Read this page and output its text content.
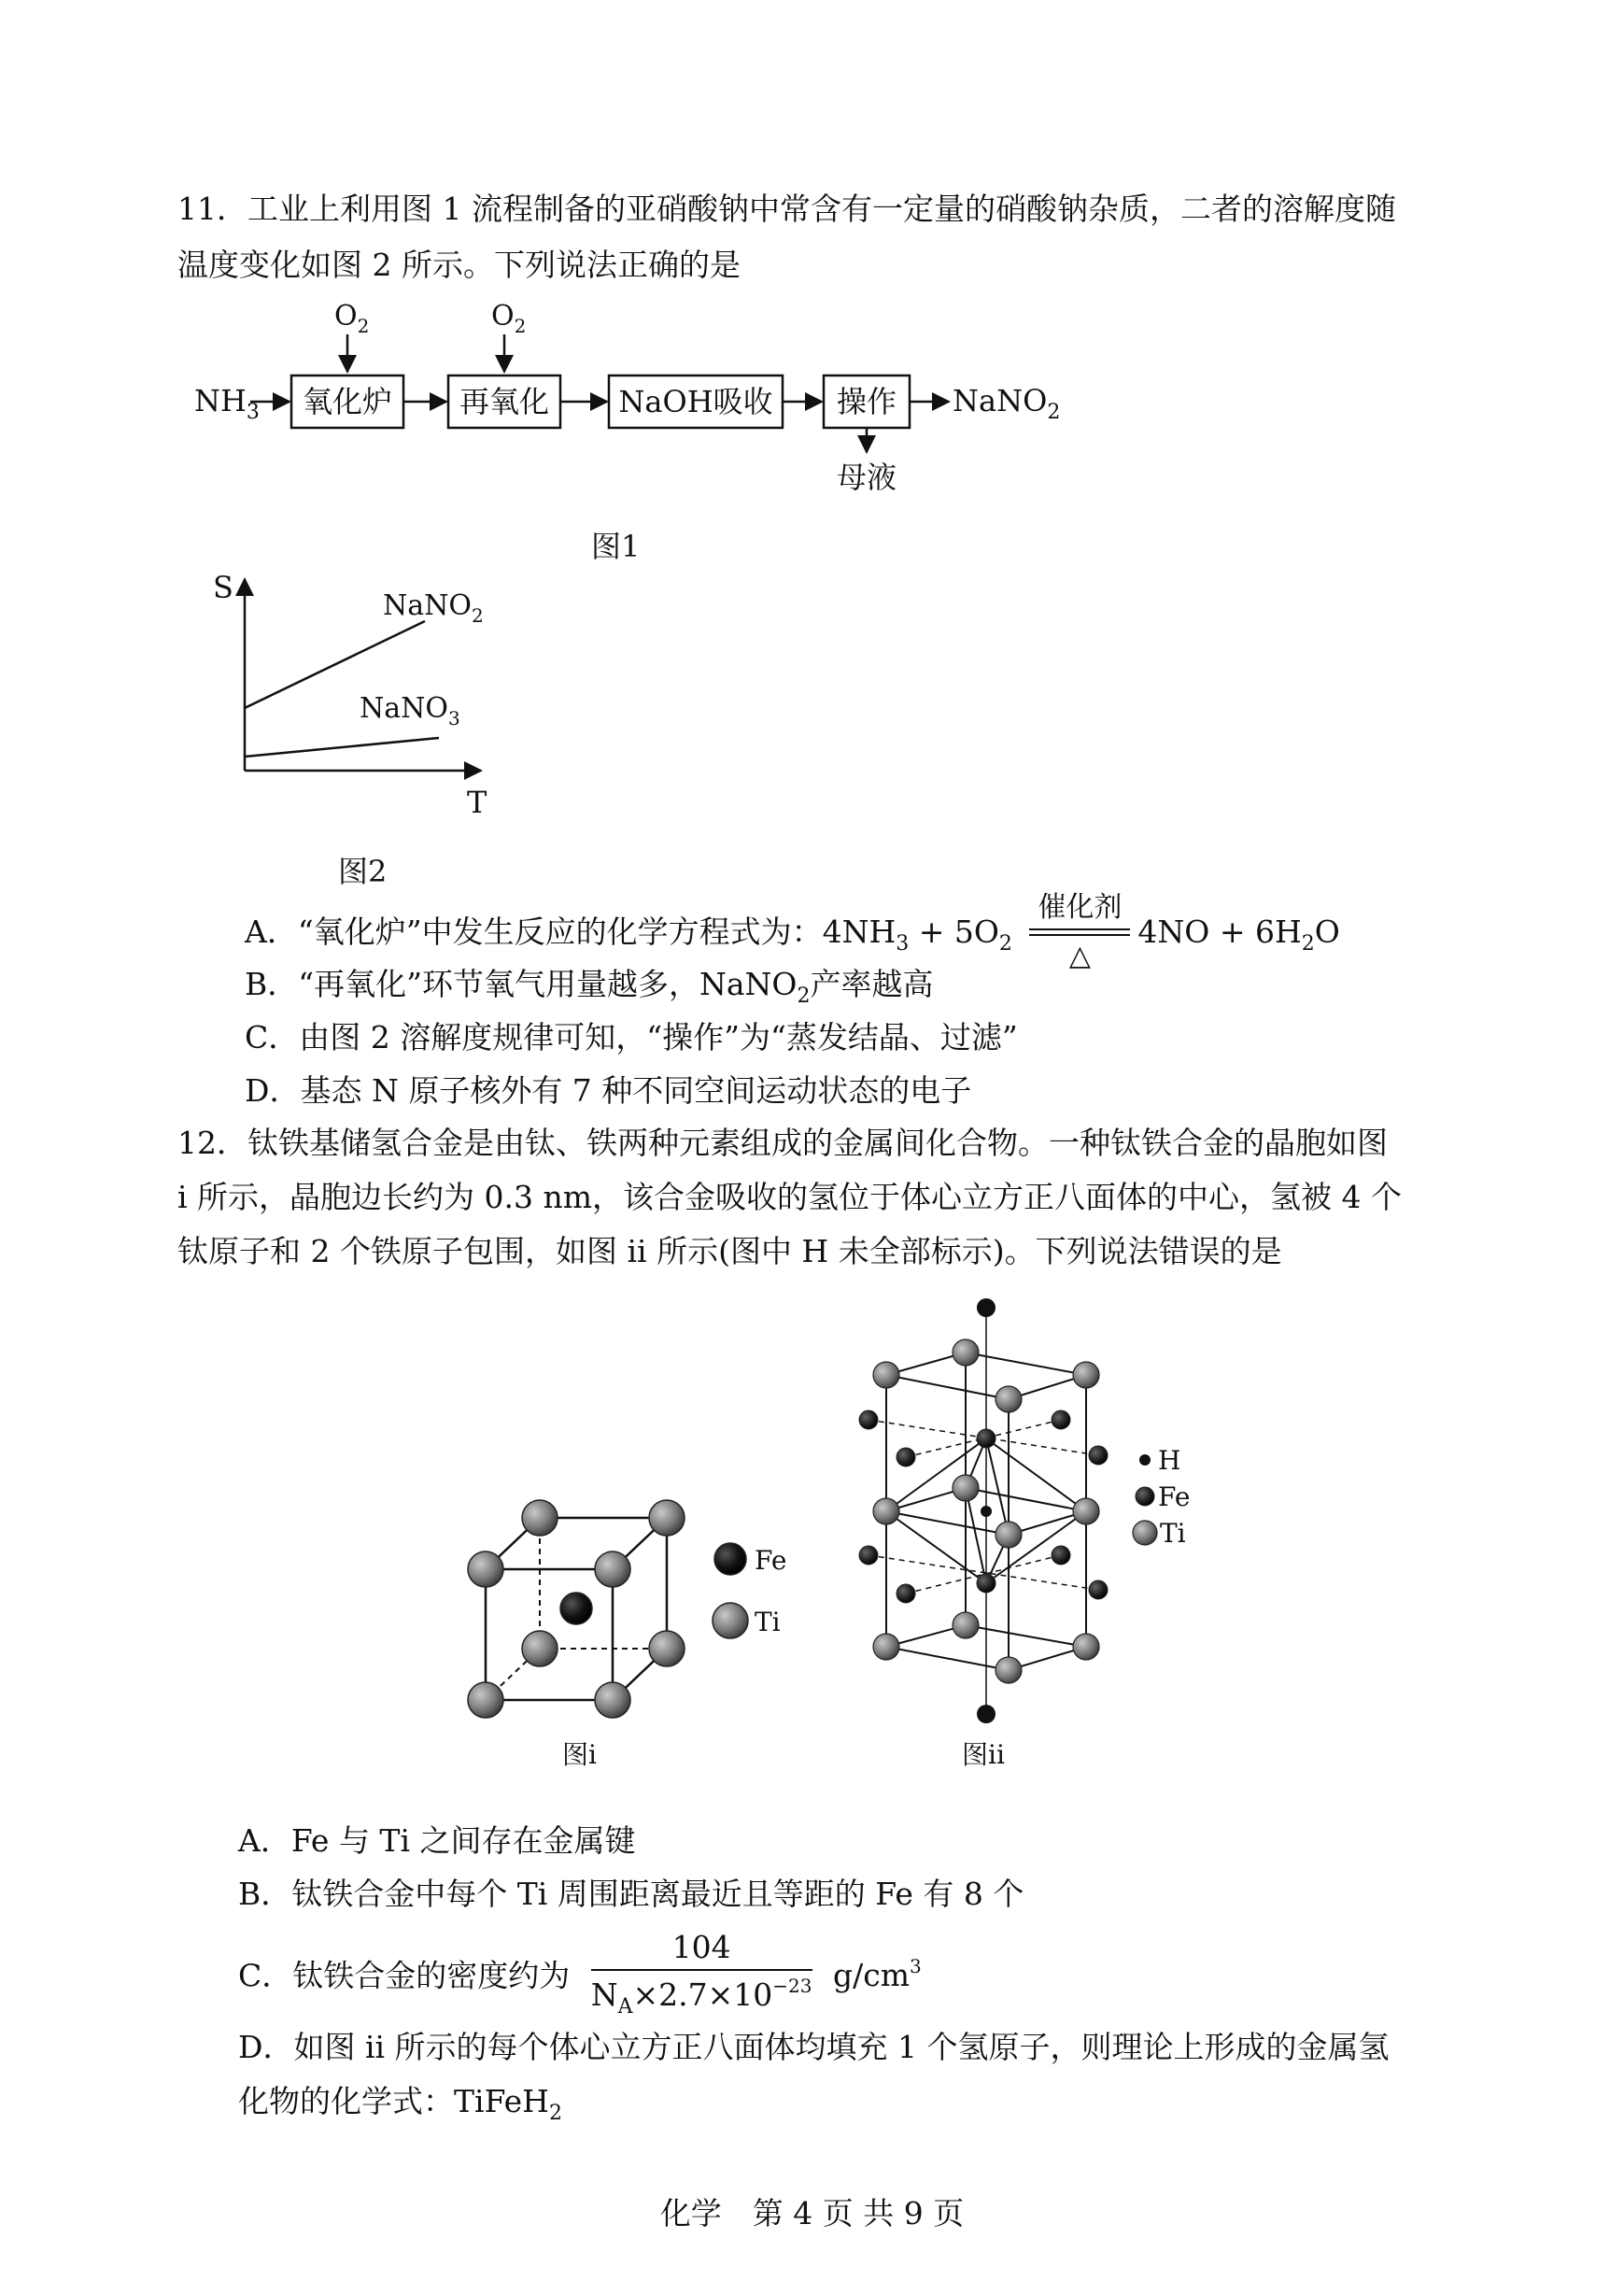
11．工业上利用图 1 流程制备的亚硝酸钠中常含有一定量的硝酸钠杂质，二者的溶解度随
温度变化如图 2 所示。下列说法正确的是
$NH_3$ 氧化炉
$O_2$
再氧化
$O_2$
NaOH吸收 操作 NaNO$_2$
母液
图1
S
T
NaNO$_2$
NaNO$_3$
图2
A．“氧化炉”中发生反应的化学方程式为：$4NH_3 + 5O_2$
催化剂
△
$4NO + 6H_2O$
B．“再氧化”环节氧气用量越多，NaNO$_2$产率越高
C．由图 2 溶解度规律可知，“操作”为“蒸发结晶、过滤”
D．基态 N 原子核外有 7 种不同空间运动状态的电子
12．钛铁基储氢合金是由钛、铁两种元素组成的金属间化合物。一种钛铁合金的晶胞如图
i 所示，晶胞边长约为 0.3 nm，该合金吸收的氢位于体心立方正八面体的中心，氢被 4 个
钛原子和 2 个铁原子包围，如图 ii 所示(图中 H 未全部标示)。下列说法错误的是
Fe
Ti
图i
H
Fe
Ti
图ii
A．Fe 与 Ti 之间存在金属键
B．钛铁合金中每个 Ti 周围距离最近且等距的 Fe 有 8 个
C．钛铁合金的密度约为 $\frac{104}{N_A\times 2.7\times 10^{-23}} g/cm^3$
D．如图 ii 所示的每个体心立方正八面体均填充 1 个氢原子，则理论上形成的金属氢
化物的化学式：TiFeH$_2$
化学　第 4 页 共 9 页
